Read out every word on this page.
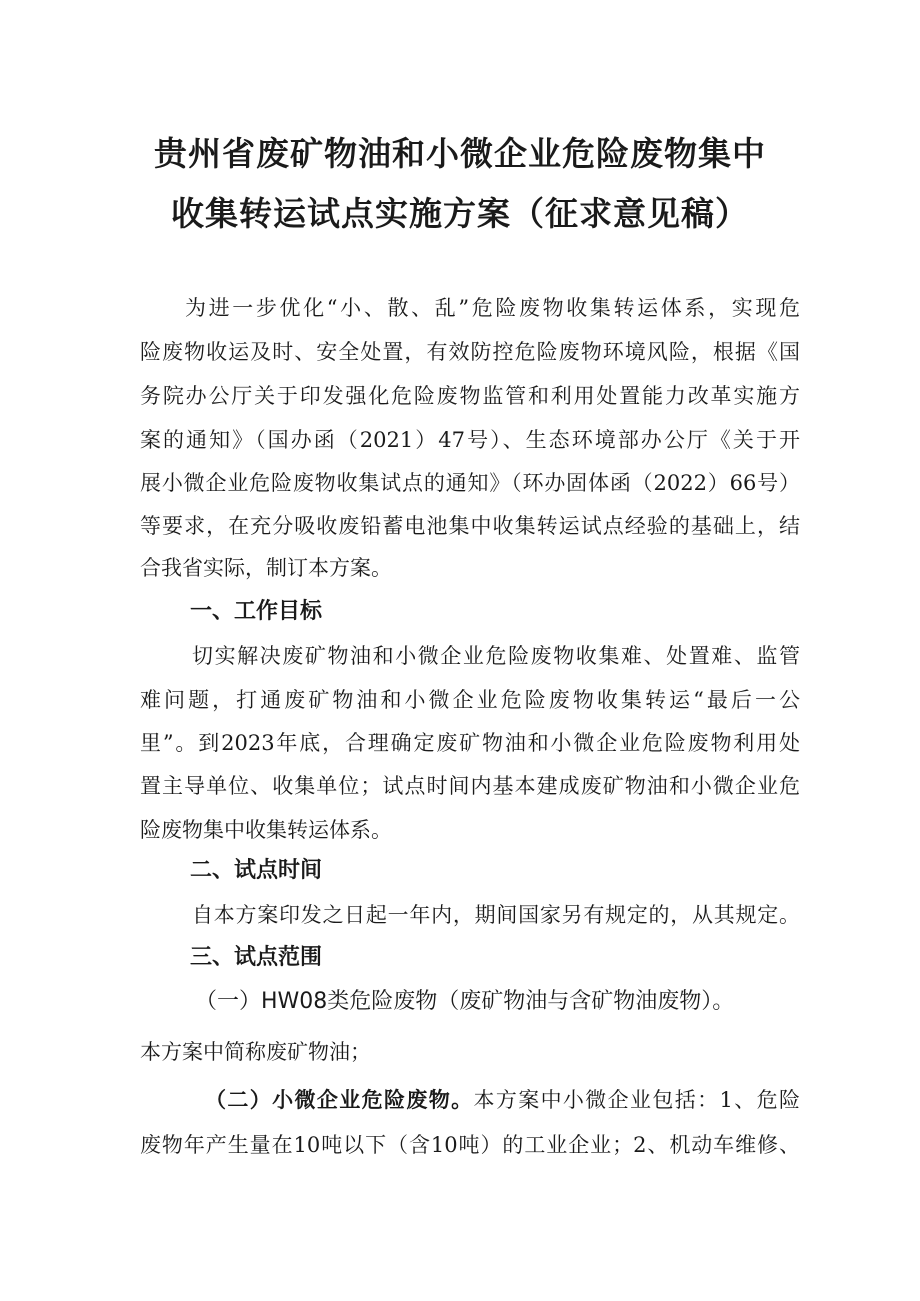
贵州省废矿物油和小微企业危险废物集中
收集转运试点实施方案（征求意见稿）

为进一步优化“小、散、乱”危险废物收集转运体系，实现危

险废物收运及时、安全处置，有效防控危险废物环境风险，根据《国

务院办公厅关于印发强化危险废物监管和利用处置能力改革实施方

案的通知》（国办函（2021）47号）、生态环境部办公厅《关于开

展小微企业危险废物收集试点的通知》（环办固体函（2022）66号）

等要求，在充分吸收废铅蓄电池集中收集转运试点经验的基础上，结

合我省实际，制订本方案。

一、工作目标

切实解决废矿物油和小微企业危险废物收集难、处置难、监管

难问题，打通废矿物油和小微企业危险废物收集转运“最后一公

里”。到2023年底，合理确定废矿物油和小微企业危险废物利用处

置主导单位、收集单位；试点时间内基本建成废矿物油和小微企业危

险废物集中收集转运体系。

二、试点时间

自本方案印发之日起一年内，期间国家另有规定的，从其规定。

三、试点范围

（一）HW08类危险废物（废矿物油与含矿物油废物）。

本方案中简称废矿物油；

（二）小微企业危险废物。本方案中小微企业包括：1、危险

废物年产生量在10吨以下（含10吨）的工业企业；2、机动车维修、
